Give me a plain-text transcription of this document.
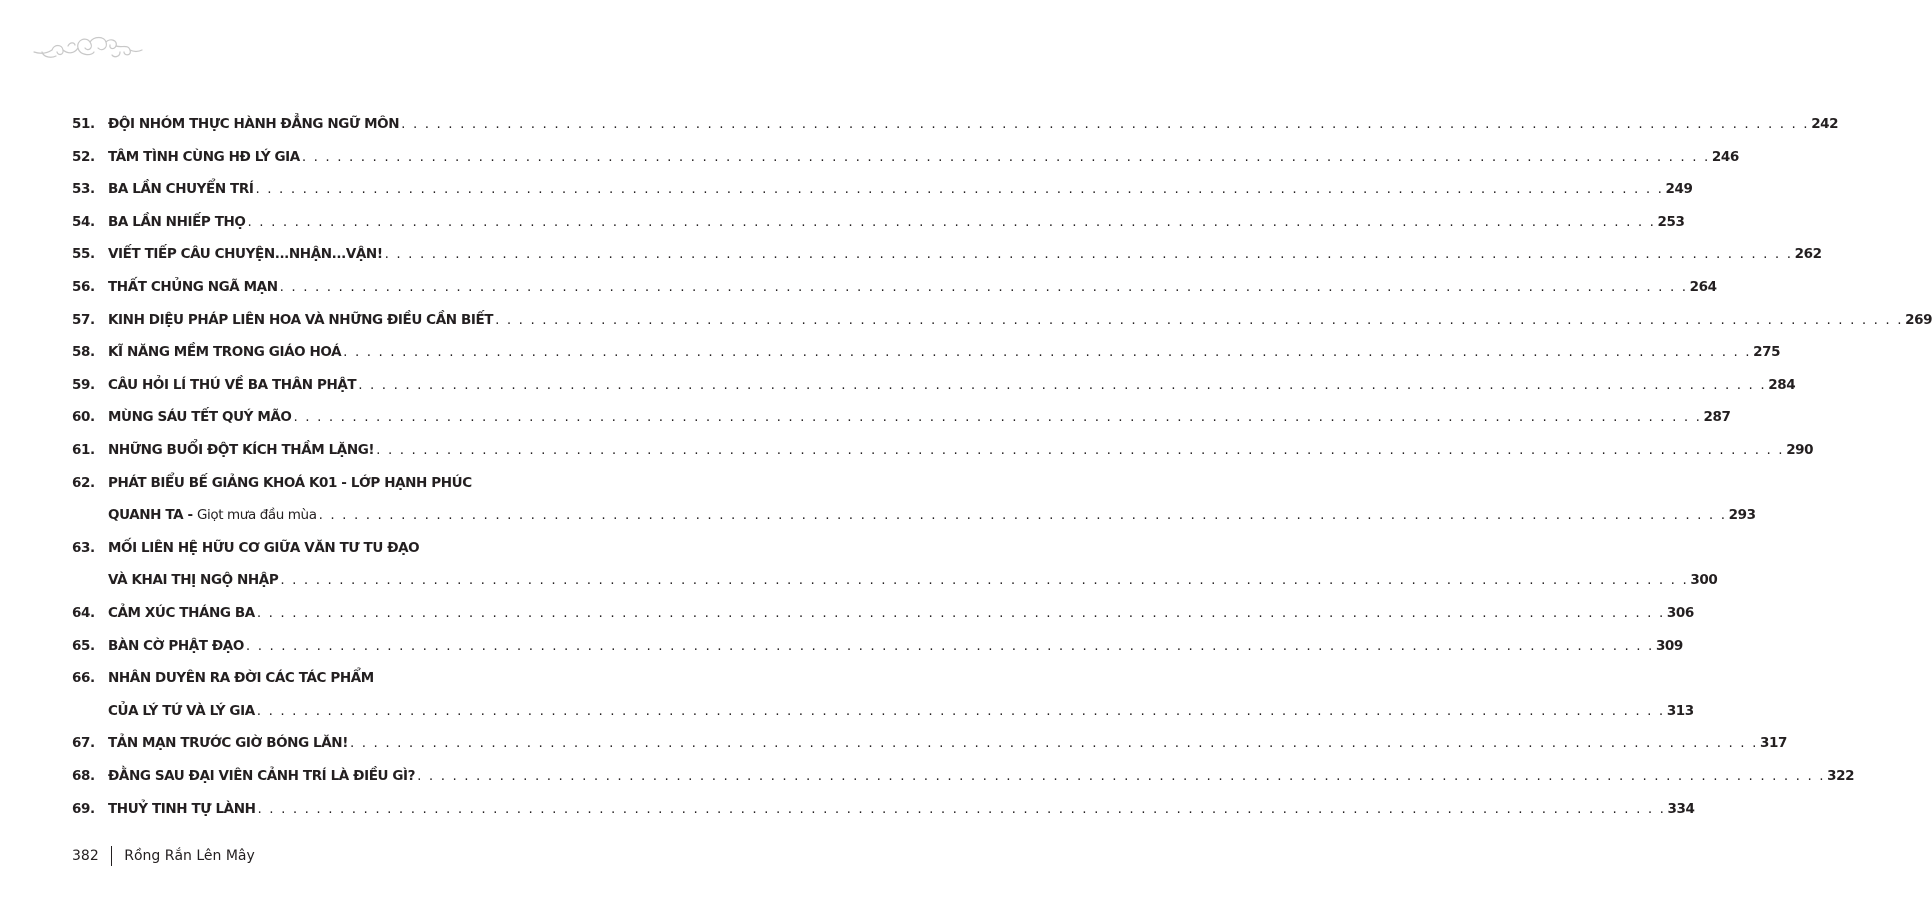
51. ĐỘI NHÓM THỰC HÀNH ĐẲNG NGỮ MÔN . . . . . . . . . . . . . . . . . . . . . . . . . . . . . . . . . . . . . . . . . . . . . . . . . . . . . . . . . . . . . . . . . . . . . . . . . . . . . . . . . . . . . . . . . . . . . . . . . . . . . . . . . . . . . . . . . . . . . . . . 242
52. TÂM TÌNH CÙNG HĐ LÝ GIA . . . . . . . . . . . . . . . . . . . . . . . . . . . . . . . . . . . . . . . . . . . . . . . . . . . . . . . . . . . . . . . . . . . . . . . . . . . . . . . . . . . . . . . . . . . . . . . . . . . . . . . . . . . . . . . . . . . . . . . . 246
53. BA LẦN CHUYỂN TRÍ . . . . . . . . . . . . . . . . . . . . . . . . . . . . . . . . . . . . . . . . . . . . . . . . . . . . . . . . . . . . . . . . . . . . . . . . . . . . . . . . . . . . . . . . . . . . . . . . . . . . . . . . . . . . . . . . . . . . . . . . 249
54. BA LẦN NHIẾP THỌ . . . . . . . . . . . . . . . . . . . . . . . . . . . . . . . . . . . . . . . . . . . . . . . . . . . . . . . . . . . . . . . . . . . . . . . . . . . . . . . . . . . . . . . . . . . . . . . . . . . . . . . . . . . . . . . . . . . . . . . . 253
55. VIẾT TIẾP CÂU CHUYỆN...NHẬN...VẬN! . . . . . . . . . . . . . . . . . . . . . . . . . . . . . . . . . . . . . . . . . . . . . . . . . . . . . . . . . . . . . . . . . . . . . . . . . . . . . . . . . . . . . . . . . . . . . . . . . . . . . . . . . . . . . . . . . . . . . . . . 262
56. THẤT CHỦNG NGÃ MẠN . . . . . . . . . . . . . . . . . . . . . . . . . . . . . . . . . . . . . . . . . . . . . . . . . . . . . . . . . . . . . . . . . . . . . . . . . . . . . . . . . . . . . . . . . . . . . . . . . . . . . . . . . . . . . . . . . . . . . . . . 264
57. KINH DIỆU PHÁP LIÊN HOA VÀ NHỮNG ĐIỀU CẦN BIẾT . . . . . . . . . . . . . . . . . . . . . . . . . . . . . . . . . . . . . . . . . . . . . . . . . . . . . . . . . . . . . . . . . . . . . . . . . . . . . . . . . . . . . . . . . . . . . . . . . . . . . . . . . . . . . . . . . . . . . . . . 269
58. KĨ NĂNG MỀM TRONG GIÁO HOÁ . . . . . . . . . . . . . . . . . . . . . . . . . . . . . . . . . . . . . . . . . . . . . . . . . . . . . . . . . . . . . . . . . . . . . . . . . . . . . . . . . . . . . . . . . . . . . . . . . . . . . . . . . . . . . . . . . . . . . . . . 275
59. CÂU HỎI LÍ THÚ VỀ BA THÂN PHẬT . . . . . . . . . . . . . . . . . . . . . . . . . . . . . . . . . . . . . . . . . . . . . . . . . . . . . . . . . . . . . . . . . . . . . . . . . . . . . . . . . . . . . . . . . . . . . . . . . . . . . . . . . . . . . . . . . . . . . . . . 284
60. MÙNG SÁU TẾT QUÝ MÃO . . . . . . . . . . . . . . . . . . . . . . . . . . . . . . . . . . . . . . . . . . . . . . . . . . . . . . . . . . . . . . . . . . . . . . . . . . . . . . . . . . . . . . . . . . . . . . . . . . . . . . . . . . . . . . . . . . . . . . . . 287
61. NHỮNG BUỔI ĐỘT KÍCH THẦM LẶNG! . . . . . . . . . . . . . . . . . . . . . . . . . . . . . . . . . . . . . . . . . . . . . . . . . . . . . . . . . . . . . . . . . . . . . . . . . . . . . . . . . . . . . . . . . . . . . . . . . . . . . . . . . . . . . . . . . . . . . . . . 290
62. PHÁT BIỂU BẾ GIẢNG KHOÁ K01 - LỚP HẠNH PHÚC
QUANH TA - Giọt mưa đầu mùa . . . . . . . . . . . . . . . . . . . . . . . . . . . . . . . . . . . . . . . . . . . . . . . . . . . . . . . . . . . . . . . . . . . . . . . . . . . . . . . . . . . . . . . . . . . . . . . . . . . . . . . . . . . . . . . . . . . . . . . . 293
63. MỐI LIÊN HỆ HỮU CƠ GIỮA VĂN TƯ TU ĐẠO
VÀ KHAI THỊ NGỘ NHẬP . . . . . . . . . . . . . . . . . . . . . . . . . . . . . . . . . . . . . . . . . . . . . . . . . . . . . . . . . . . . . . . . . . . . . . . . . . . . . . . . . . . . . . . . . . . . . . . . . . . . . . . . . . . . . . . . . . . . . . . . 300
64. CẢM XÚC THÁNG BA . . . . . . . . . . . . . . . . . . . . . . . . . . . . . . . . . . . . . . . . . . . . . . . . . . . . . . . . . . . . . . . . . . . . . . . . . . . . . . . . . . . . . . . . . . . . . . . . . . . . . . . . . . . . . . . . . . . . . . . . 306
65. BÀN CỜ PHẬT ĐẠO . . . . . . . . . . . . . . . . . . . . . . . . . . . . . . . . . . . . . . . . . . . . . . . . . . . . . . . . . . . . . . . . . . . . . . . . . . . . . . . . . . . . . . . . . . . . . . . . . . . . . . . . . . . . . . . . . . . . . . . . 309
66. NHÂN DUYÊN RA ĐỜI CÁC TÁC PHẨM
CỦA LÝ TỨ VÀ LÝ GIA . . . . . . . . . . . . . . . . . . . . . . . . . . . . . . . . . . . . . . . . . . . . . . . . . . . . . . . . . . . . . . . . . . . . . . . . . . . . . . . . . . . . . . . . . . . . . . . . . . . . . . . . . . . . . . . . . . . . . . . . 313
67. TẢN MẠN TRƯỚC GIỜ BÓNG LĂN! . . . . . . . . . . . . . . . . . . . . . . . . . . . . . . . . . . . . . . . . . . . . . . . . . . . . . . . . . . . . . . . . . . . . . . . . . . . . . . . . . . . . . . . . . . . . . . . . . . . . . . . . . . . . . . . . . . . . . . . . 317
68. ĐẰNG SAU ĐẠI VIÊN CẢNH TRÍ LÀ ĐIỀU GÌ? . . . . . . . . . . . . . . . . . . . . . . . . . . . . . . . . . . . . . . . . . . . . . . . . . . . . . . . . . . . . . . . . . . . . . . . . . . . . . . . . . . . . . . . . . . . . . . . . . . . . . . . . . . . . . . . . . . . . . . . . 322
69. THUỶ TINH TỰ LÀNH . . . . . . . . . . . . . . . . . . . . . . . . . . . . . . . . . . . . . . . . . . . . . . . . . . . . . . . . . . . . . . . . . . . . . . . . . . . . . . . . . . . . . . . . . . . . . . . . . . . . . . . . . . . . . . . . . . . . . . . . 334
382 Rồng Rắn Lên Mây
